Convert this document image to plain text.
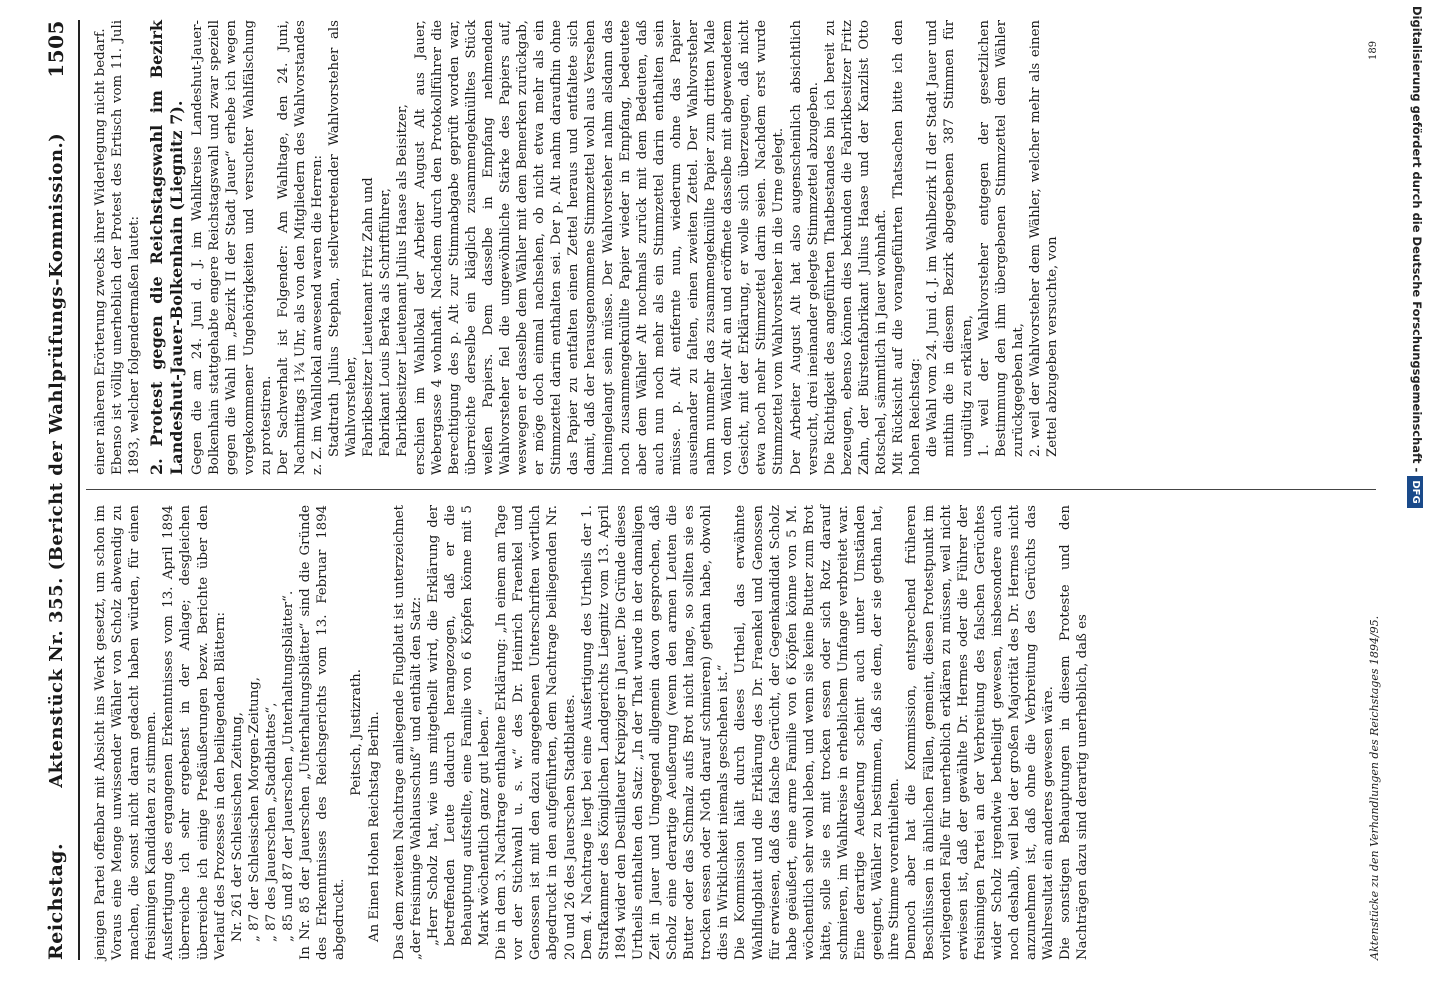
Reichstag.
Aktenstück Nr. 355. (Bericht der Wahlprüfungs-Kommission.)
1505

jenigen Partei offenbar mit Absicht ins Werk gesetzt, um schon im Voraus eine Menge unwissender Wähler von Scholz abwendig zu machen, die sonst nicht daran gedacht haben würden, für einen freisinnigen Kandidaten zu stimmen. Ausfertigung des ergangenen Erkenntnisses vom 13. April 1894 überreiche ich sehr ergebenst in der Anlage; desgleichen überreiche ich einige Preßäußerungen bezw. Berichte über den Verlauf des Prozesses in den beiliegenden Blättern: Nr. 261 der Schlesischen Zeitung, „ 87 der Schlesischen Morgen-Zeitung, „ 87 des Jauerschen „Stadtblattes“, „ 85 und 87 der Jauerschen „Unterhaltungsblätter“. In Nr. 85 der Jauerschen „Unterhaltungsblätter“ sind die Gründe des Erkenntnisses des Reichsgerichts vom 13. Februar 1894 abgedruckt.

Peitsch, Justizrath. An Einen Hohen Reichstag Berlin. Das dem zweiten Nachtrage anliegende Flugblatt ist unterzeichnet „der freisinnige Wahlausschuß“ und enthält den Satz: „Herr Scholz hat, wie uns mitgetheilt wird, die Erklärung der betreffenden Leute dadurch herangezogen, daß er die Behauptung aufstellte, eine Familie von 6 Köpfen könne mit 5 Mark wöchentlich ganz gut leben.“ Die in dem 3. Nachtrage enthaltene Erklärung: „In einem am Tage vor der Stichwahl u. s. w.“ des Dr. Heinrich Fraenkel und Genossen ist mit den dazu angegebenen Unterschriften wörtlich abgedruckt in den aufgeführten, dem Nachtrage beiliegenden Nr. 20 und 26 des Jauerschen Stadtblattes. Dem 4. Nachtrage liegt bei eine Ausfertigung des Urtheils der 1. Strafkammer des Königlichen Landgerichts Liegnitz vom 13. April 1894 wider den Destillateur Kreipziger in Jauer. Die Gründe dieses Urtheils enthalten den Satz: „In der That wurde in der damaligen Zeit in Jauer und Umgegend allgemein davon gesprochen, daß Scholz eine derartige Aeußerung (wenn den armen Leuten die Butter oder das Schmalz aufs Brot nicht lange, so sollten sie es trocken essen oder Noth darauf schmieren) gethan habe, obwohl dies in Wirklichkeit niemals geschehen ist.“ Die Kommission hält durch dieses Urtheil, das erwähnte Wahlflugblatt und die Erklärung des Dr. Fraenkel und Genossen für erwiesen, daß das falsche Gerücht, der Gegenkandidat Scholz habe geäußert, eine arme Familie von 6 Köpfen könne von 5 M. wöchentlich sehr wohl leben, und wenn sie keine Butter zum Brot hätte, solle sie es mit trocken essen oder sich Rotz darauf schmieren, im Wahlkreise in erheblichem Umfange verbreitet war. Eine derartige Aeußerung scheint auch unter Umständen geeignet, Wähler zu bestimmen, daß sie dem, der sie gethan hat, ihre Stimme vorenthielten. Dennoch aber hat die Kommission, entsprechend früheren Beschlüssen in ähnlichen Fällen, gemeint, diesen Protestpunkt im vorliegenden Falle für unerheblich erklären zu müssen, weil nicht erwiesen ist, daß der gewählte Dr. Hermes oder die Führer der freisinnigen Partei an der Verbreitung des falschen Gerüchtes wider Scholz irgendwie betheiligt gewesen, insbesondere auch noch deshalb, weil bei der großen Majorität des Dr. Hermes nicht anzunehmen ist, daß ohne die Verbreitung des Gerüchts das Wahlresultat ein anderes gewesen wäre. Die sonstigen Behauptungen in diesem Proteste und den Nachträgen dazu sind derartig unerheblich, daß es

einer näheren Erörterung zwecks ihrer Widerlegung nicht bedarf. Ebenso ist völlig unerheblich der Protest des Ertisch vom 11. Juli 1893, welcher folgendermaßen lautet: 2. Protest gegen die Reichstagswahl im Bezirk Landeshut-Jauer-Bolkenhain (Liegnitz 7). Gegen die am 24. Juni d. J. im Wahlkreise Landeshut-Jauer-Bolkenhain stattgehabte engere Reichstagswahl und zwar speziell gegen die Wahl im „Bezirk II der Stadt Jauer“ erhebe ich wegen vorgekommener Ungehörigkeiten und versuchter Wahlfälschung zu protestiren. Der Sachverhalt ist Folgender: Am Wahltage, den 24. Juni, Nachmittags 1¾ Uhr, als von den Mitgliedern des Wahlvorstandes z. Z. im Wahllokal anwesend waren die Herren: Stadtrath Julius Stephan, stellvertretender Wahlvorsteher als Wahlvorsteher, Fabrikbesitzer Lieutenant Fritz Zahn und Fabrikant Louis Berka als Schriftführer, Fabrikbesitzer Lieutenant Julius Haase als Beisitzer, erschien im Wahllokal der Arbeiter August Alt aus Jauer, Webergasse 4 wohnhaft. Nachdem durch den Protokollführer die Berechtigung des p. Alt zur Stimmabgabe geprüft worden war, überreichte derselbe ein kläglich zusammengeknülltes Stück weißen Papiers. Dem dasselbe in Empfang nehmenden Wahlvorsteher fiel die ungewöhnliche Stärke des Papiers auf, weswegen er dasselbe dem Wähler mit dem Bemerken zurückgab, er möge doch einmal nachsehen, ob nicht etwa mehr als ein Stimmzettel darin enthalten sei. Der p. Alt nahm daraufhin ohne das Papier zu entfalten einen Zettel heraus und entfaltete sich damit, daß der herausgenommene Stimmzettel wohl aus Versehen hineingelangt sein müsse. Der Wahlvorsteher nahm alsdann das noch zusammengeknüllte Papier wieder in Empfang, bedeutete aber dem Wähler Alt nochmals zurück mit dem Bedeuten, daß auch nun noch mehr als ein Stimmzettel darin enthalten sein müsse. p. Alt entfernte nun, wiederum ohne das Papier auseinander zu falten, einen zweiten Zettel. Der Wahlvorsteher nahm nunmehr das zusammengeknüllte Papier zum dritten Male von dem Wähler Alt an und eröffnete dasselbe mit abgewendetem Gesicht, mit der Erklärung, er wolle sich überzeugen, daß nicht etwa noch mehr Stimmzettel darin seien. Nachdem erst wurde Stimmzettel vom Wahlvorsteher in die Urne gelegt. Der Arbeiter August Alt hat also augenscheinlich absichtlich versucht, drei ineinander gelegte Stimmzettel abzugeben. Die Richtigkeit des angeführten Thatbestandes bin ich bereit zu bezeugen, ebenso können dies bekunden die Fabrikbesitzer Fritz Zahn, der Bürstenfabrikant Julius Haase und der Kanzlist Otto Rotschel, sämmtlich in Jauer wohnhaft. Mit Rücksicht auf die vorangeführten Thatsachen bitte ich den hohen Reichstag: die Wahl vom 24. Juni d. J. im Wahlbezirk II der Stadt Jauer und mithin die in diesem Bezirk abgegebenen 387 Stimmen für ungültig zu erklären, 1. weil der Wahlvorsteher entgegen der gesetzlichen Bestimmung den ihm übergebenen Stimmzettel dem Wähler zurückgegeben hat, 2. weil der Wahlvorsteher dem Wähler, welcher mehr als einen Zettel abzugeben versuchte, von

Aktenstücke zu den Verhandlungen des Reichstages 1894/95.
189	Digitalisierung gefördert durch die Deutsche Forschungsgemeinschaft -DFG
